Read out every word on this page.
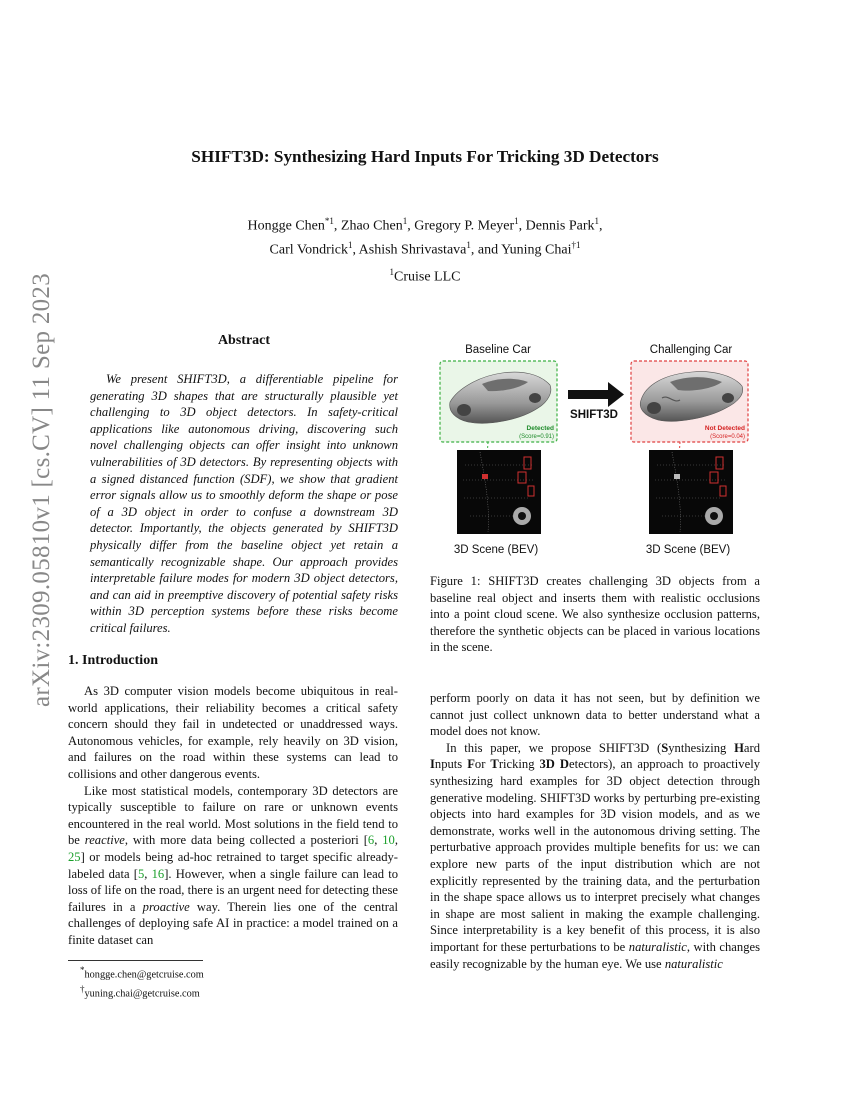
arXiv:2309.05810v1 [cs.CV] 11 Sep 2023
SHIFT3D: Synthesizing Hard Inputs For Tricking 3D Detectors
Hongge Chen$^{*1}$, Zhao Chen$^1$, Gregory P. Meyer$^1$, Dennis Park$^1$,
Carl Vondrick$^1$, Ashish Shrivastava$^1$, and Yuning Chai$^{\dagger 1}$
$^1$Cruise LLC
Abstract

We present SHIFT3D, a differentiable pipeline for generating 3D shapes that are structurally plausible yet challenging to 3D object detectors. In safety-critical applications like autonomous driving, discovering such novel challenging objects can offer insight into unknown vulnerabilities of 3D detectors. By representing objects with a signed distanced function (SDF), we show that gradient error signals allow us to smoothly deform the shape or pose of a 3D object in order to confuse a downstream 3D detector. Importantly, the objects generated by SHIFT3D physically differ from the baseline object yet retain a semantically recognizable shape. Our approach provides interpretable failure modes for modern 3D object detectors, and can aid in preemptive discovery of potential safety risks within 3D perception systems before these risks become critical failures.

1. Introduction

As 3D computer vision models become ubiquitous in real-world applications, their reliability becomes a critical safety concern should they fail in undetected or unaddressed ways. Autonomous vehicles, for example, rely heavily on 3D vision, and failures on the road within these systems can lead to collisions and other dangerous events.

Like most statistical models, contemporary 3D detectors are typically susceptible to failure on rare or unknown events encountered in the real world. Most solutions in the field tend to be reactive, with more data being collected a posteriori [6, 10, 25] or models being ad-hoc retrained to target specific already-labeled data [5, 16]. However, when a single failure can lead to loss of life on the road, there is an urgent need for detecting these failures in a proactive way. Therein lies one of the central challenges of deploying safe AI in practice: a model trained on a finite dataset can

*hongge.chen@getcruise.com
†yuning.chai@getcruise.com
Baseline Car	Challenging Car
Detected
(Score=0.91)
Not Detected
(Score=0.04)
SHIFT3D
3D Scene (BEV)	3D Scene (BEV)

Figure 1: SHIFT3D creates challenging 3D objects from a baseline real object and inserts them with realistic occlusions into a point cloud scene. We also synthesize occlusion patterns, therefore the synthetic objects can be placed in various locations in the scene.

perform poorly on data it has not seen, but by definition we cannot just collect unknown data to better understand what a model does not know.

In this paper, we propose SHIFT3D (Synthesizing Hard Inputs For Tricking 3D Detectors), an approach to proactively synthesizing hard examples for 3D object detection through generative modeling. SHIFT3D works by perturbing pre-existing objects into hard examples for 3D vision models, and as we demonstrate, works well in the autonomous driving setting. The perturbative approach provides multiple benefits for us: we can explore new parts of the input distribution which are not explicitly represented by the training data, and the perturbation in the shape space allows us to interpret precisely what changes in shape are most salient in making the example challenging. Since interpretability is a key benefit of this process, it is also important for these perturbations to be naturalistic, with changes easily recognizable by the human eye. We use naturalistic
